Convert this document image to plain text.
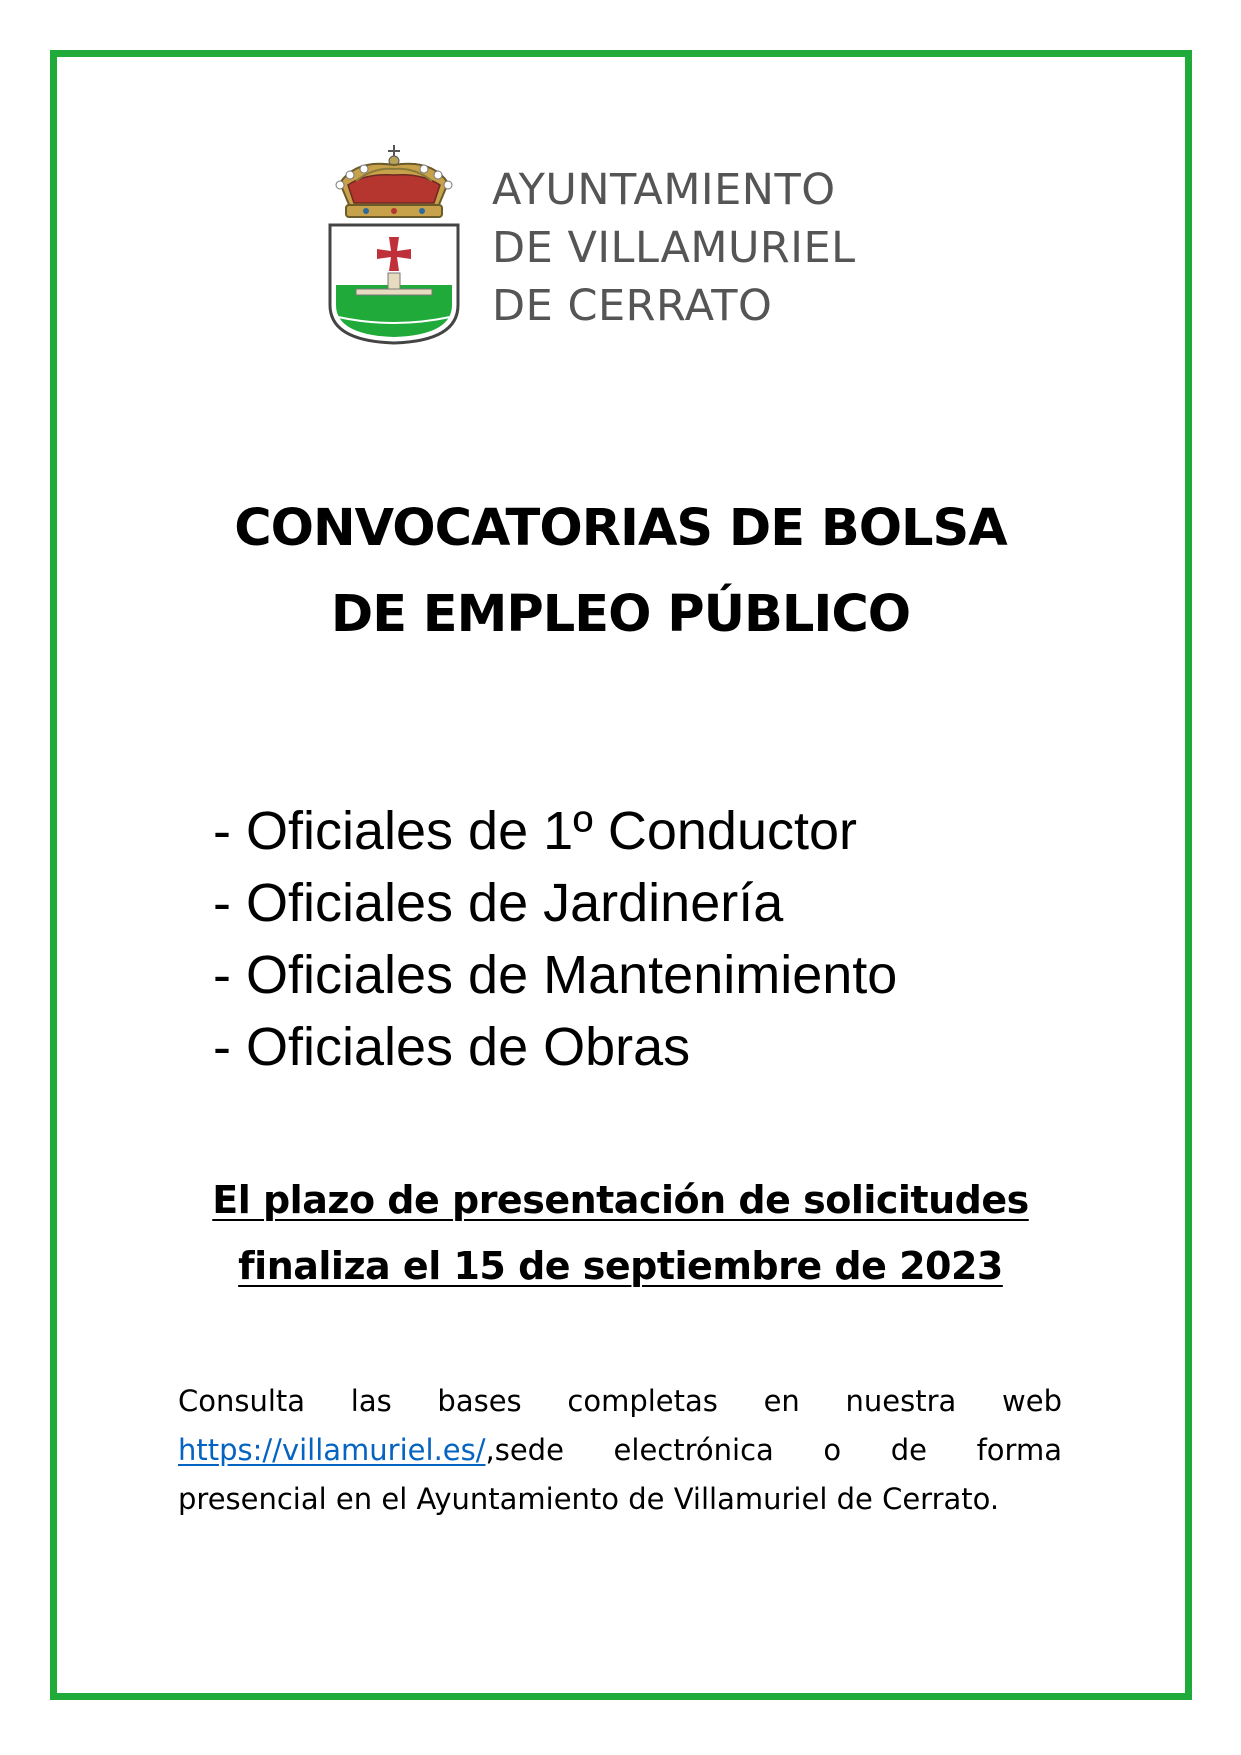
AYUNTAMIENTO
DE VILLAMURIEL
DE CERRATO
CONVOCATORIAS DE BOLSA
DE EMPLEO PÚBLICO
- Oficiales de 1º Conductor
- Oficiales de Jardinería
- Oficiales de Mantenimiento
- Oficiales de Obras
El plazo de presentación de solicitudes
finaliza el 15 de septiembre de 2023

Consulta las bases completas en nuestra web
https://villamuriel.es/,sede electrónica o de forma
presencial en el Ayuntamiento de Villamuriel de Cerrato.
